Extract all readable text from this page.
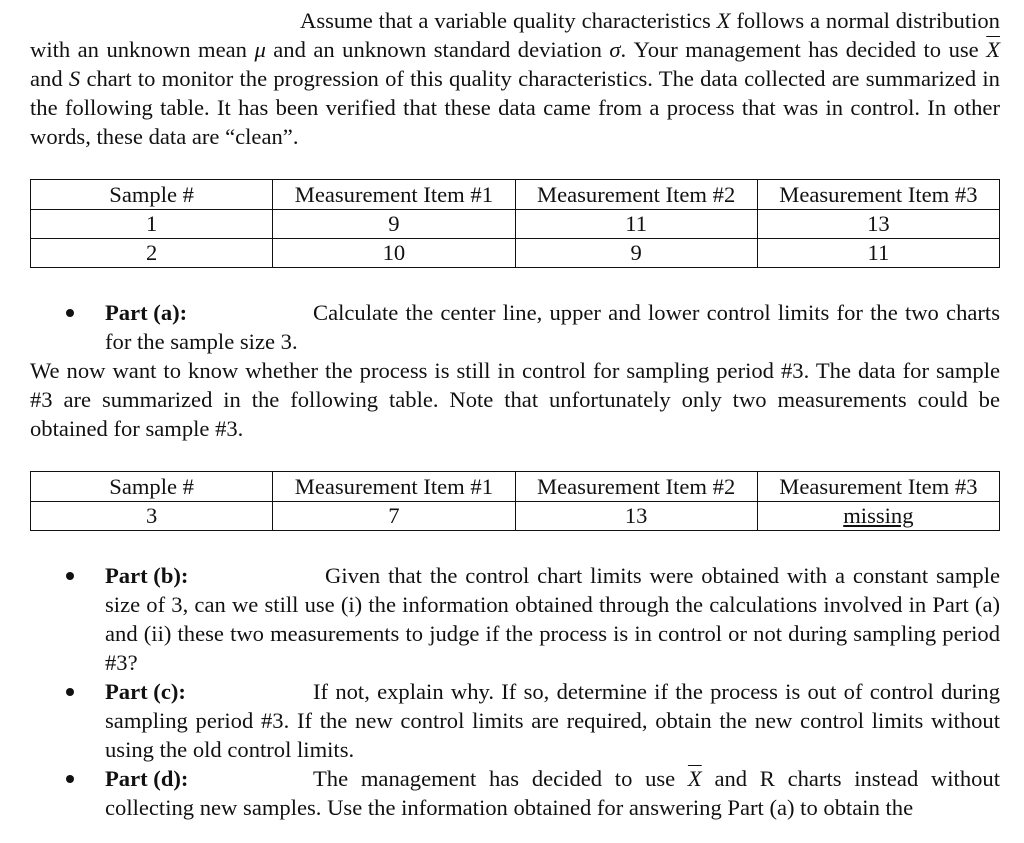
Assume that a variable quality characteristics X follows a normal distribution with an unknown mean μ and an unknown standard deviation σ. Your management has decided to use $\overline{X}$ and S chart to monitor the progression of this quality characteristics. The data collected are summarized in the following table. It has been verified that these data came from a process that was in control. In other words, these data are “clean”.

Sample #	Measurement Item #1	Measurement Item #2	Measurement Item #3
1	9	11	13
2	10	9	11
Part (a):	Calculate the center line, upper and lower control limits for the two charts for the sample size 3.

We now want to know whether the process is still in control for sampling period #3. The data for sample #3 are summarized in the following table. Note that unfortunately only two measurements could be obtained for sample #3.

Sample #	Measurement Item #1	Measurement Item #2	Measurement Item #3
3	7	13	missing
Part (b):	Given that the control chart limits were obtained with a constant sample size of 3, can we still use (i) the information obtained through the calculations involved in Part (a) and (ii) these two measurements to judge if the process is in control or not during sampling period #3?
Part (c):	If not, explain why. If so, determine if the process is out of control during sampling period #3. If the new control limits are required, obtain the new control limits without using the old control limits.
Part (d):	The management has decided to use $\overline{X}$ and R charts instead without collecting new samples. Use the information obtained for answering Part (a) to obtain the
